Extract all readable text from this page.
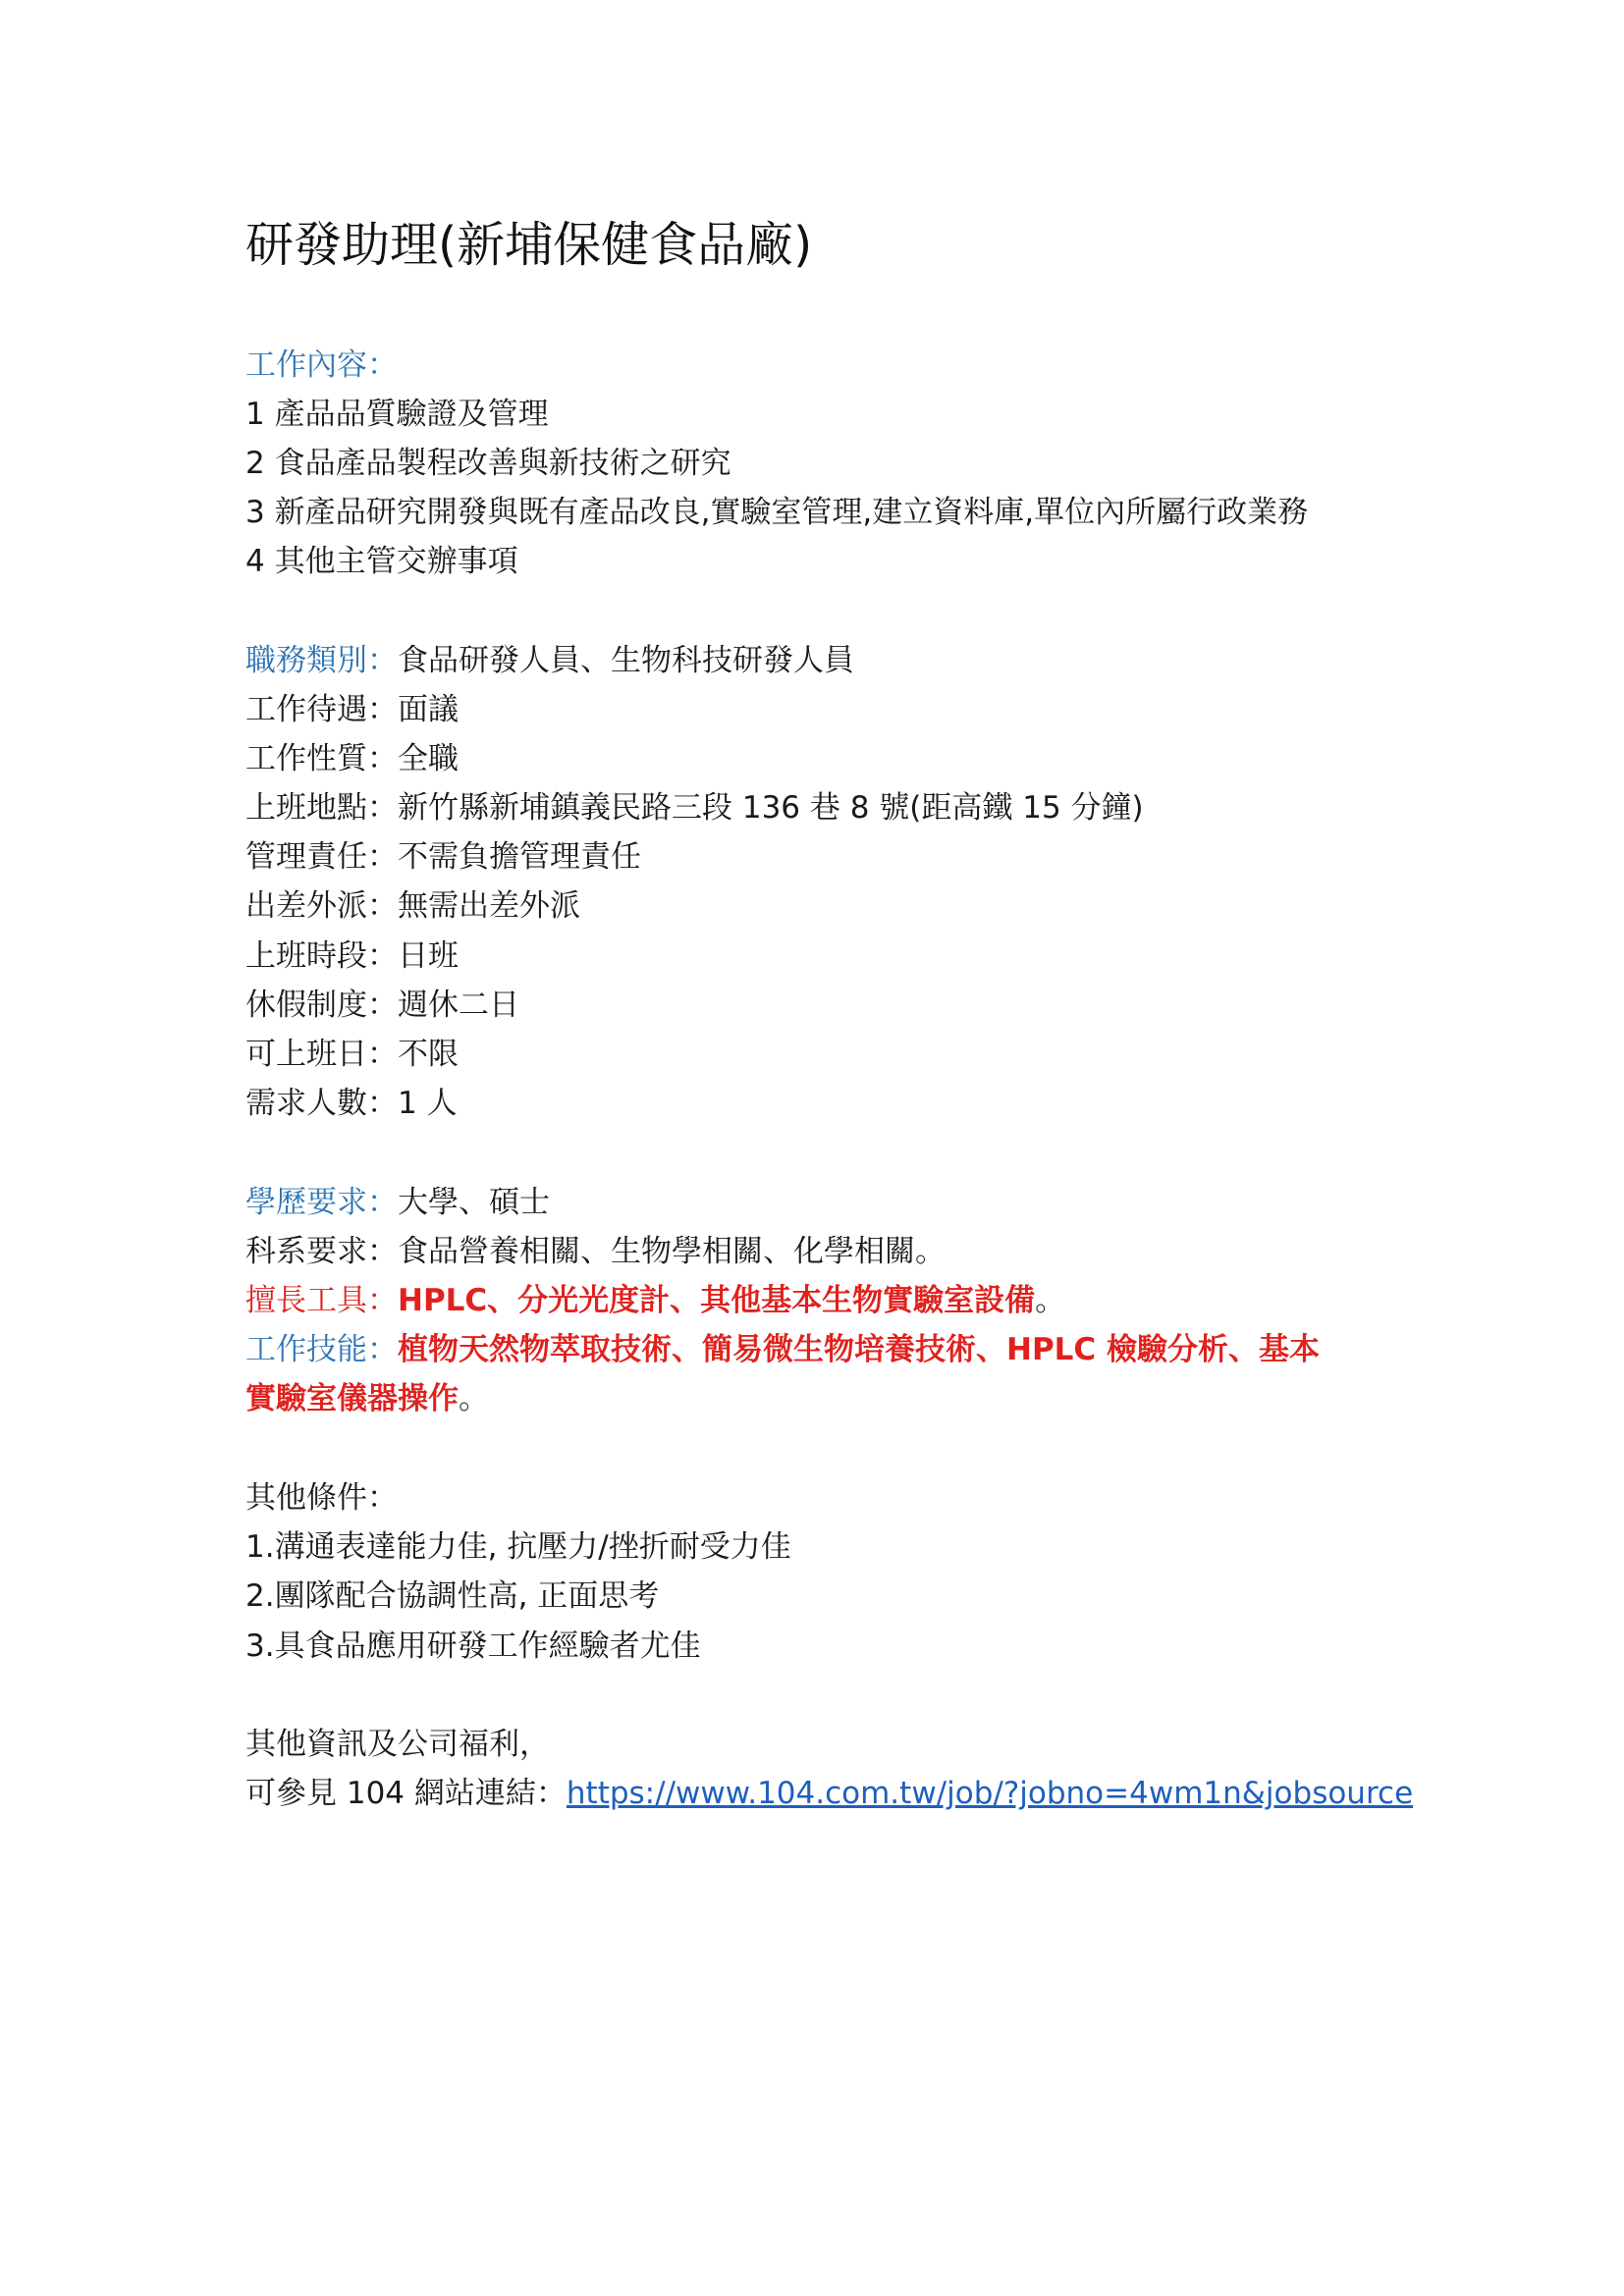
研發助理(新埔保健食品廠)
工作內容：
1 產品品質驗證及管理
2 食品產品製程改善與新技術之研究
3 新產品研究開發與既有產品改良,實驗室管理,建立資料庫,單位內所屬行政業務
4 其他主管交辦事項
職務類別：食品研發人員、生物科技研發人員
工作待遇：面議
工作性質：全職
上班地點：新竹縣新埔鎮義民路三段 136 巷 8 號(距高鐵 15 分鐘)
管理責任：不需負擔管理責任
出差外派：無需出差外派
上班時段：日班
休假制度：週休二日
可上班日：不限
需求人數：1 人
學歷要求：大學、碩士
科系要求：食品營養相關、生物學相關、化學相關。
擅長工具：HPLC、分光光度計、其他基本生物實驗室設備。
工作技能：植物天然物萃取技術、簡易微生物培養技術、HPLC 檢驗分析、基本
實驗室儀器操作。
其他條件：
1.溝通表達能力佳, 抗壓力/挫折耐受力佳
2.團隊配合協調性高, 正面思考
3.具食品應用研發工作經驗者尤佳
其他資訊及公司福利，
可參見 104 網站連結：https://www.104.com.tw/job/?jobno=4wm1n&jobsource
